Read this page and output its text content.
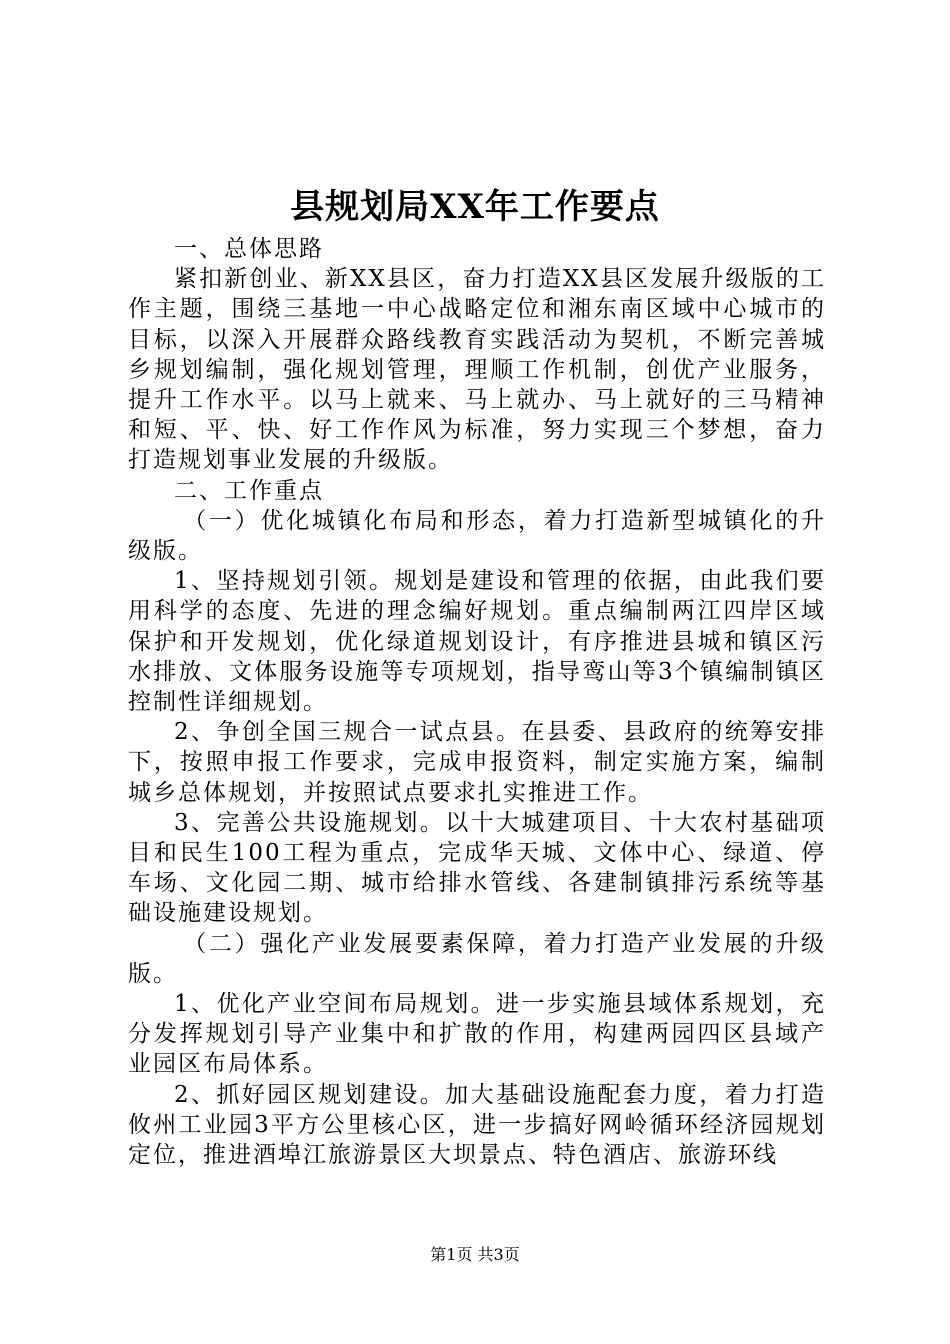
县规划局XX年工作要点

一、总体思路

紧扣新创业、新XX县区，奋力打造XX县区发展升级版的工作主题，围绕三基地一中心战略定位和湘东南区域中心城市的目标，以深入开展群众路线教育实践活动为契机，不断完善城乡规划编制，强化规划管理，理顺工作机制，创优产业服务，提升工作水平。以马上就来、马上就办、马上就好的三马精神和短、平、快、好工作作风为标准，努力实现三个梦想，奋力打造规划事业发展的升级版。

二、工作重点

（一）优化城镇化布局和形态，着力打造新型城镇化的升级版。

1、坚持规划引领。规划是建设和管理的依据，由此我们要用科学的态度、先进的理念编好规划。重点编制两江四岸区域保护和开发规划，优化绿道规划设计，有序推进县城和镇区污水排放、文体服务设施等专项规划，指导鸾山等3个镇编制镇区控制性详细规划。

2、争创全国三规合一试点县。在县委、县政府的统筹安排下，按照申报工作要求，完成申报资料，制定实施方案，编制城乡总体规划，并按照试点要求扎实推进工作。

3、完善公共设施规划。以十大城建项目、十大农村基础项目和民生100工程为重点，完成华天城、文体中心、绿道、停车场、文化园二期、城市给排水管线、各建制镇排污系统等基础设施建设规划。

（二）强化产业发展要素保障，着力打造产业发展的升级版。

1、优化产业空间布局规划。进一步实施县域体系规划，充分发挥规划引导产业集中和扩散的作用，构建两园四区县域产业园区布局体系。

2、抓好园区规划建设。加大基础设施配套力度，着力打造攸州工业园3平方公里核心区，进一步搞好网岭循环经济园规划定位，推进酒埠江旅游景区大坝景点、特色酒店、旅游环线

第1页 共3页
